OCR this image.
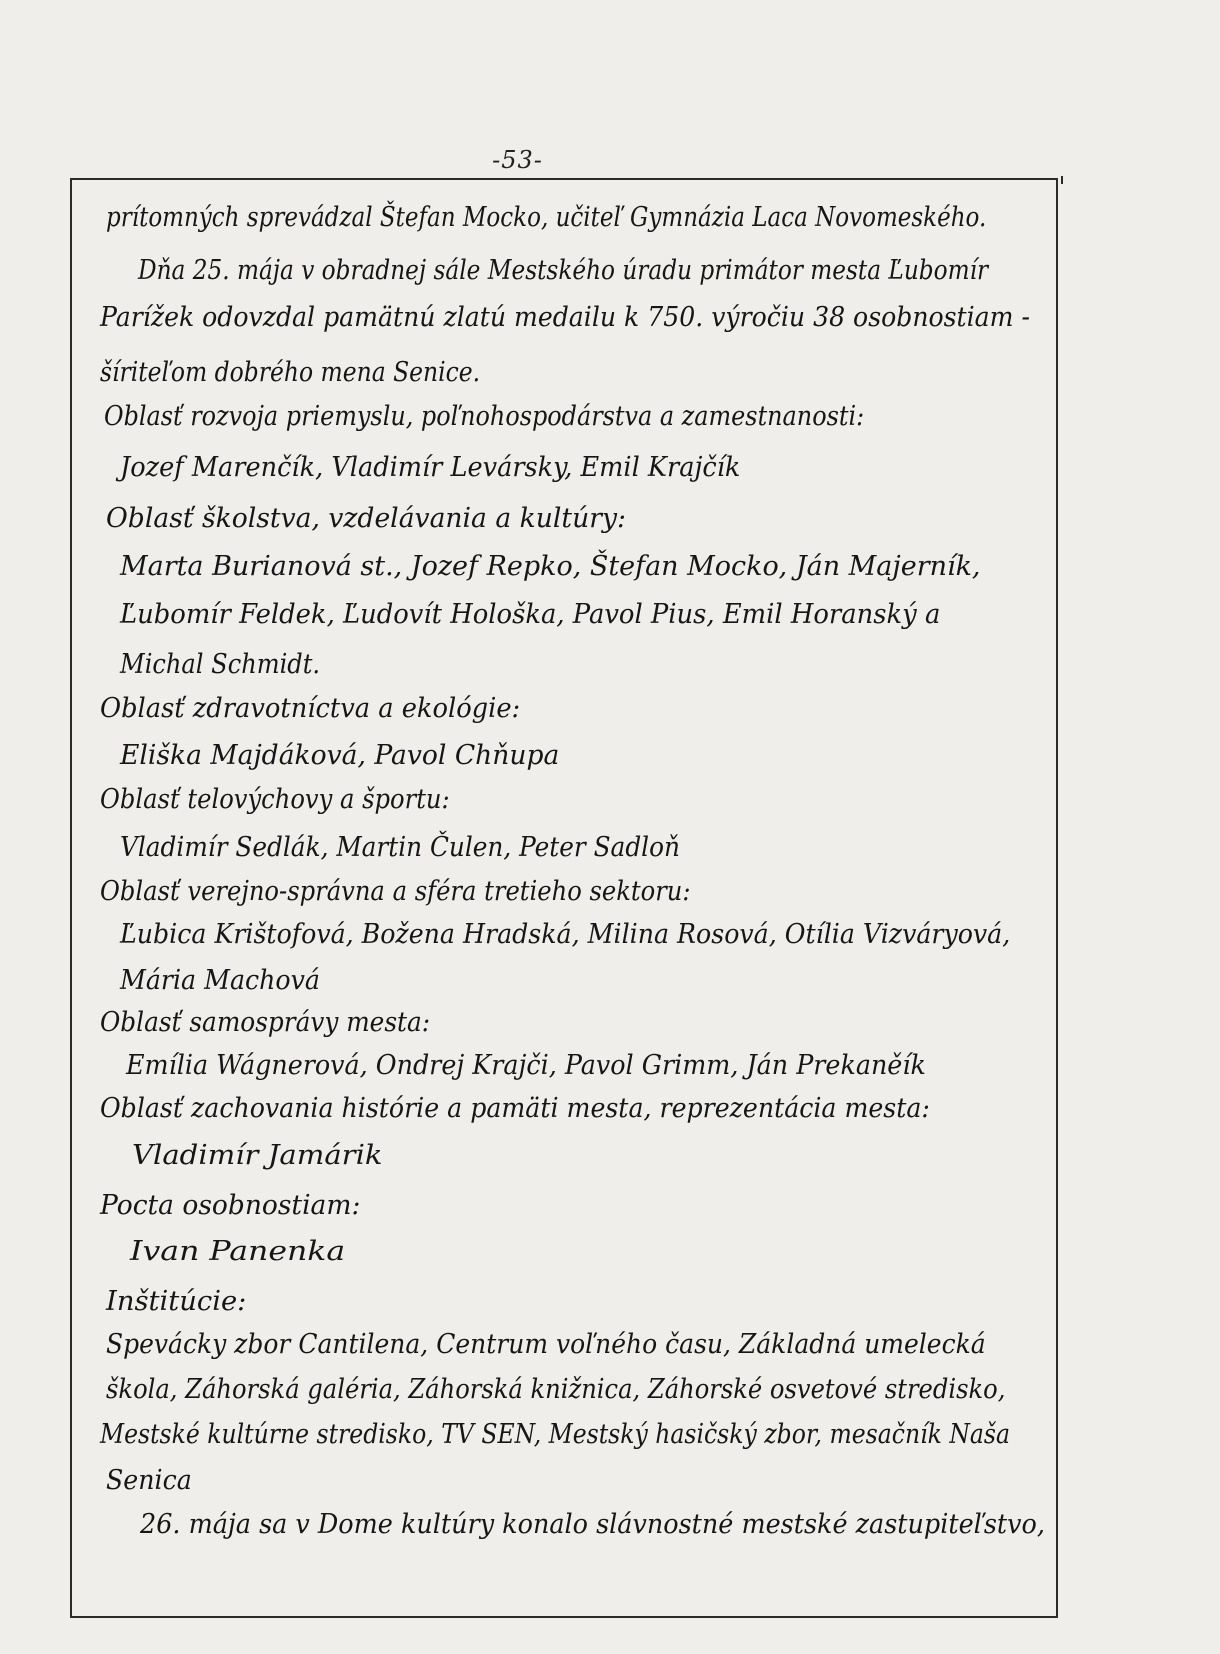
-53-
prítomných sprevádzal Štefan Mocko, učiteľ Gymnázia Laca Novomeského.
Dňa 25. mája v obradnej sále Mestského úradu primátor mesta Ľubomír
Parížek odovzdal pamätnú zlatú medailu k 750. výročiu 38 osobnostiam -
šíriteľom dobrého mena Senice.
Oblasť rozvoja priemyslu, poľnohospodárstva a zamestnanosti:
Jozef Marenčík, Vladimír Levársky, Emil Krajčík
Oblasť školstva, vzdelávania a kultúry:
Marta Burianová st., Jozef Repko, Štefan Mocko, Ján Majerník,
Ľubomír Feldek, Ľudovít Hološka, Pavol Pius, Emil Horanský a
Michal Schmidt.
Oblasť zdravotníctva a ekológie:
Eliška Majdáková, Pavol Chňupa
Oblasť telovýchovy a športu:
Vladimír Sedlák, Martin Čulen, Peter Sadloň
Oblasť verejno-správna a sféra tretieho sektoru:
Ľubica Krištofová, Božena Hradská, Milina Rosová, Otília Vizváryová,
Mária Machová
Oblasť samosprávy mesta:
Emília Wágnerová, Ondrej Krajči, Pavol Grimm, Ján Prekaněík
Oblasť zachovania histórie a pamäti mesta, reprezentácia mesta:
Vladimír Jamárik
Pocta osobnostiam:
Ivan Panenka
Inštitúcie:
Spevácky zbor Cantilena, Centrum voľného času, Základná umelecká
škola, Záhorská galéria, Záhorská knižnica, Záhorské osvetové stredisko,
Mestské kultúrne stredisko, TV SEN, Mestský hasičský zbor, mesačník Naša
Senica
26. mája sa v Dome kultúry konalo slávnostné mestské zastupiteľstvo,
